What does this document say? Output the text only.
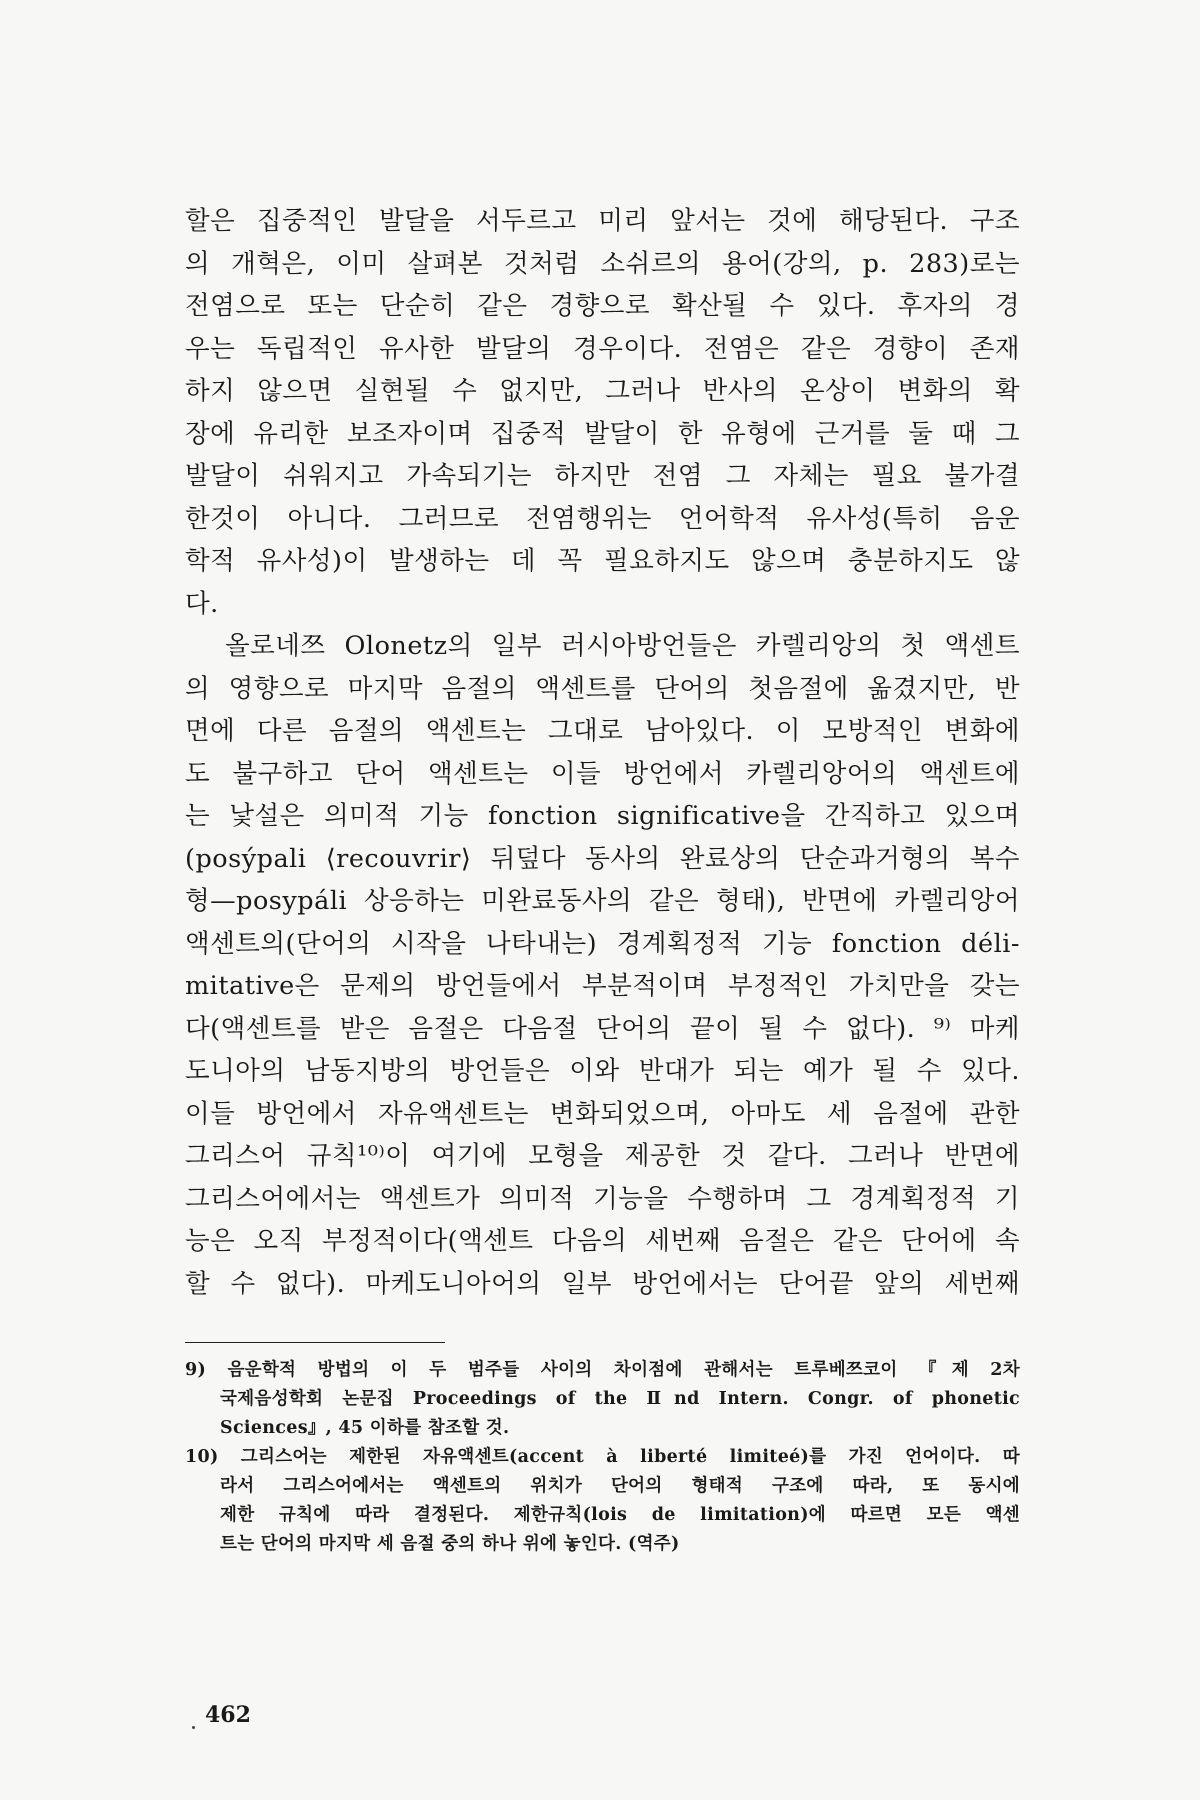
할은 집중적인 발달을 서두르고 미리 앞서는 것에 해당된다. 구조
의 개혁은, 이미 살펴본 것처럼 소쉬르의 용어(강의, p. 283)로는
전염으로 또는 단순히 같은 경향으로 확산될 수 있다. 후자의 경
우는 독립적인 유사한 발달의 경우이다. 전염은 같은 경향이 존재
하지 않으면 실현될 수 없지만, 그러나 반사의 온상이 변화의 확
장에 유리한 보조자이며 집중적 발달이 한 유형에 근거를 둘 때 그
발달이 쉬워지고 가속되기는 하지만 전염 그 자체는 필요 불가결
한것이 아니다. 그러므로 전염행위는 언어학적 유사성(특히 음운
학적 유사성)이 발생하는 데 꼭 필요하지도 않으며 충분하지도 않
다.
올로네쯔 Olonetz의 일부 러시아방언들은 카렐리앙의 첫 액센트
의 영향으로 마지막 음절의 액센트를 단어의 첫음절에 옮겼지만, 반
면에 다른 음절의 액센트는 그대로 남아있다. 이 모방적인 변화에
도 불구하고 단어 액센트는 이들 방언에서 카렐리앙어의 액센트에
는 낯설은 의미적 기능 fonction significative을 간직하고 있으며
(posýpali ⟨recouvrir⟩ 뒤덮다 동사의 완료상의 단순과거형의 복수
형—posypáli 상응하는 미완료동사의 같은 형태), 반면에 카렐리앙어
액센트의(단어의 시작을 나타내는) 경계획정적 기능 fonction déli-
mitative은 문제의 방언들에서 부분적이며 부정적인 가치만을 갖는
다(액센트를 받은 음절은 다음절 단어의 끝이 될 수 없다). ⁹⁾ 마케
도니아의 남동지방의 방언들은 이와 반대가 되는 예가 될 수 있다.
이들 방언에서 자유액센트는 변화되었으며, 아마도 세 음절에 관한
그리스어 규칙¹⁰⁾이 여기에 모형을 제공한 것 같다. 그러나 반면에
그리스어에서는 액센트가 의미적 기능을 수행하며 그 경계획정적 기
능은 오직 부정적이다(액센트 다음의 세번째 음절은 같은 단어에 속
할 수 없다). 마케도니아어의 일부 방언에서는 단어끝 앞의 세번째
9) 음운학적 방법의 이 두 범주들 사이의 차이점에 관해서는 트루베쯔코이 『제 2차
국제음성학회 논문집 Proceedings of the Ⅱnd Intern. Congr. of phonetic
Sciences』, 45 이하를 참조할 것.
10) 그리스어는 제한된 자유액센트(accent à liberté limiteé)를 가진 언어이다. 따
라서 그리스어에서는 액센트의 위치가 단어의 형태적 구조에 따라, 또 동시에
제한 규칙에 따라 결정된다. 제한규칙(lois de limitation)에 따르면 모든 액센
트는 단어의 마지막 세 음절 중의 하나 위에 놓인다. (역주)
462
